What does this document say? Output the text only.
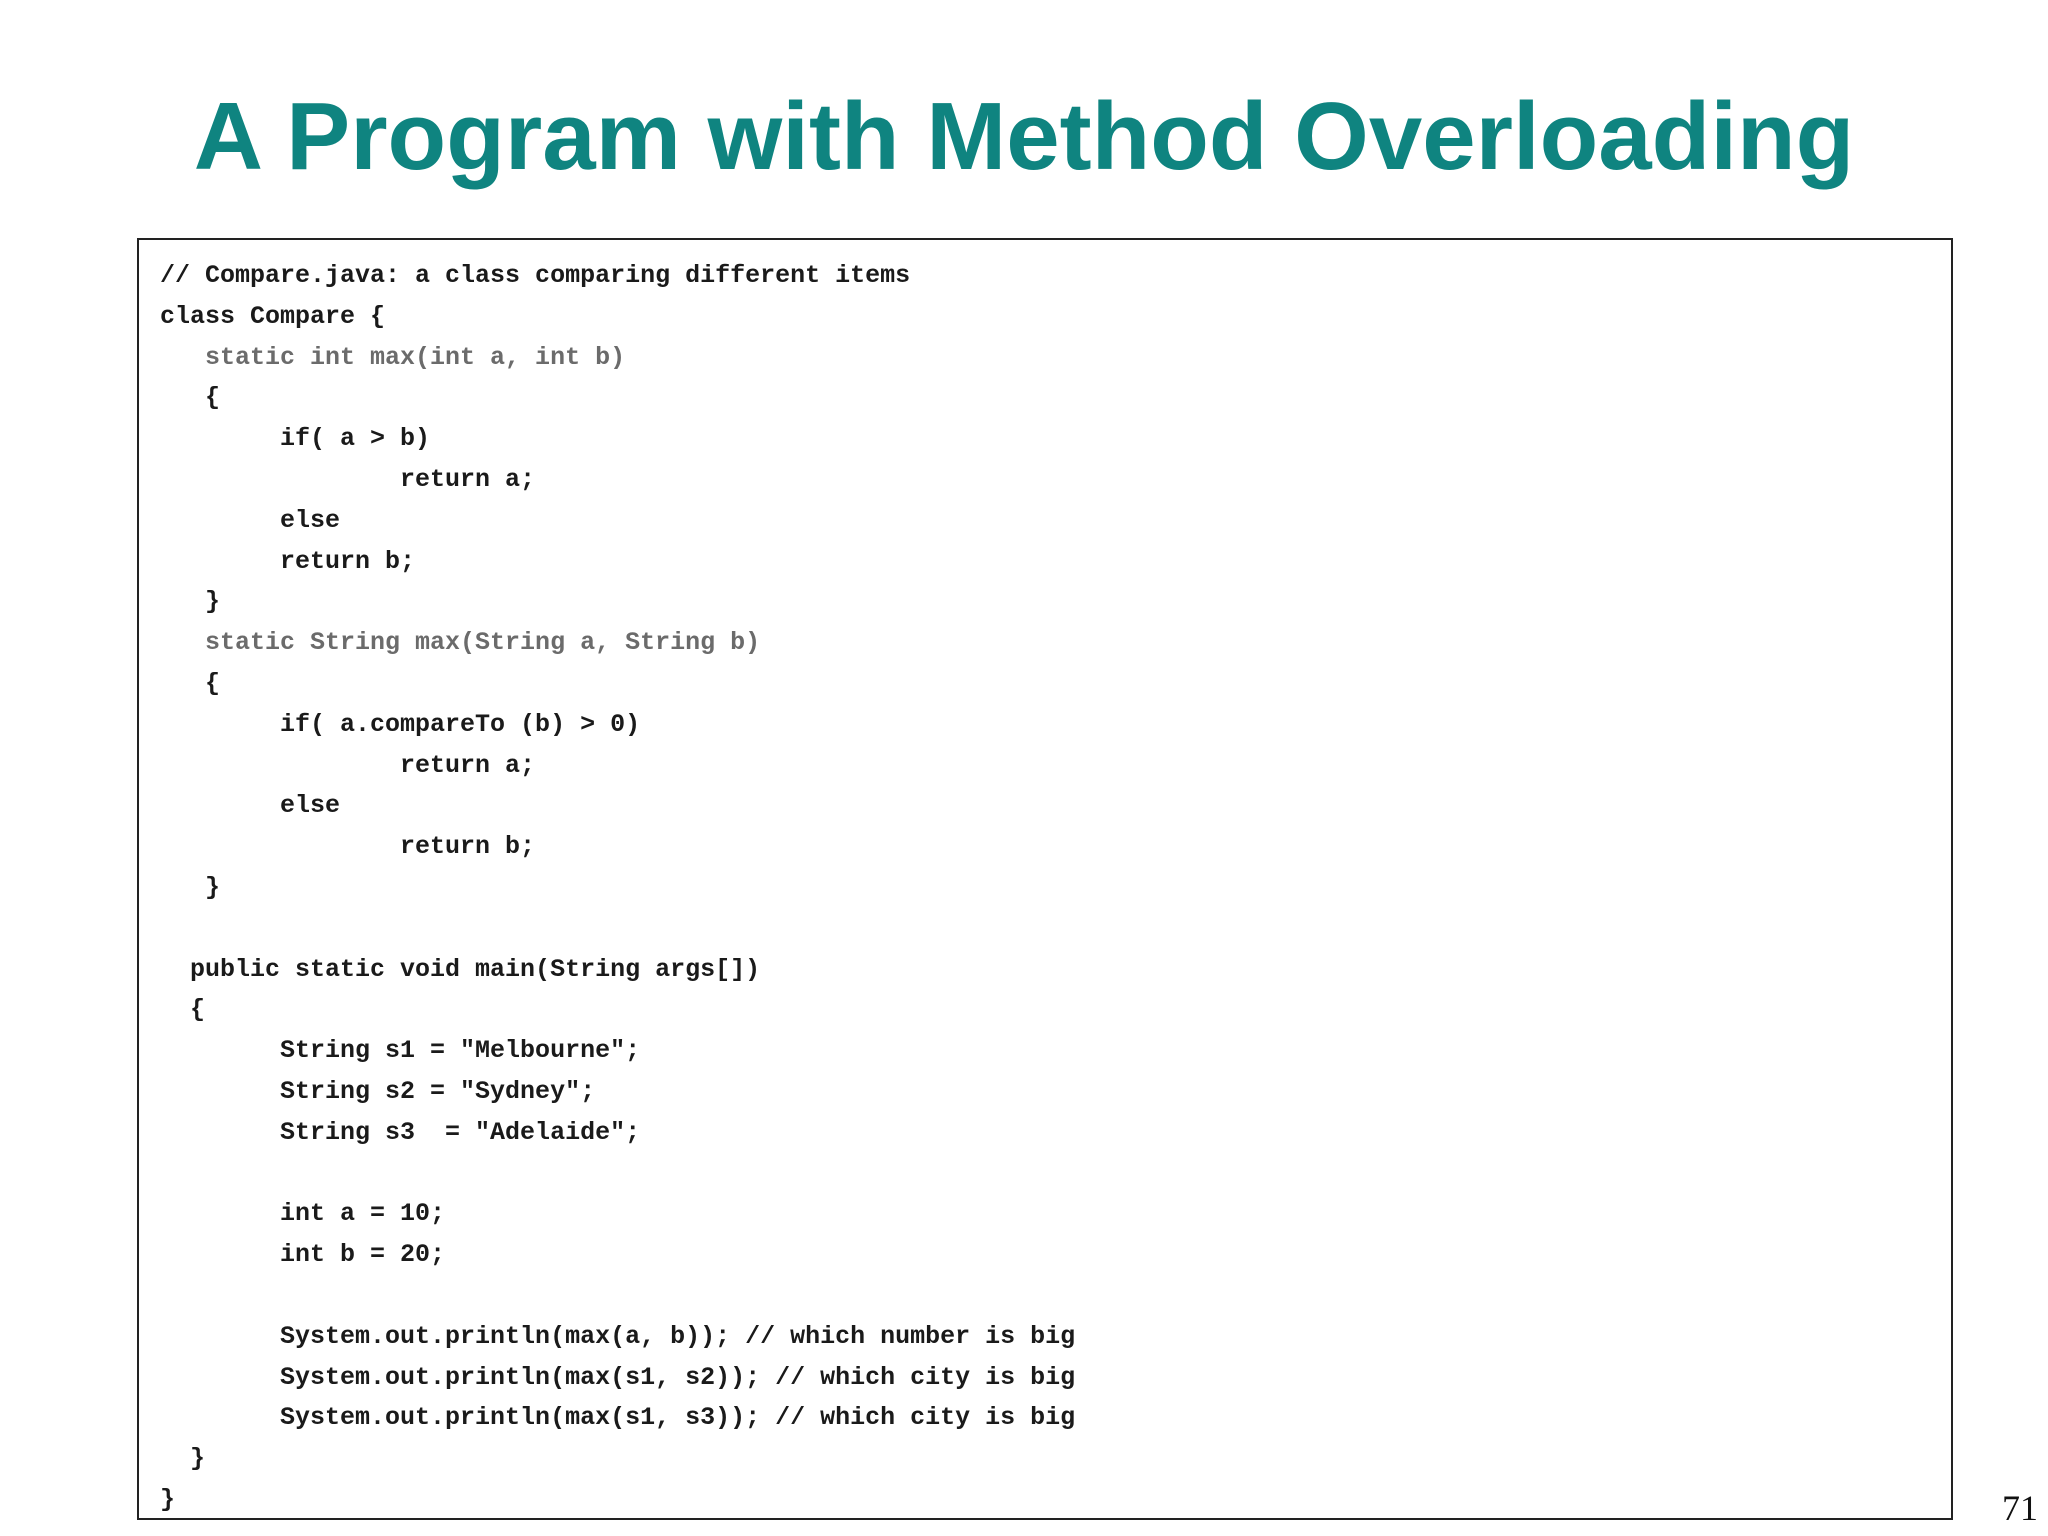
A Program with Method Overloading
// Compare.java: a class comparing different items
class Compare {
static int max(int a, int b)
{
if( a > b)
return a;
else
return b;
}
static String max(String a, String b)
{
if( a.compareTo (b) > 0)
return a;
else
return b;
}
public static void main(String args[])
{
String s1 = "Melbourne";
String s2 = "Sydney";
String s3  = "Adelaide";
int a = 10;
int b = 20;
System.out.println(max(a, b)); // which number is big
System.out.println(max(s1, s2)); // which city is big
System.out.println(max(s1, s3)); // which city is big
}
}	71
